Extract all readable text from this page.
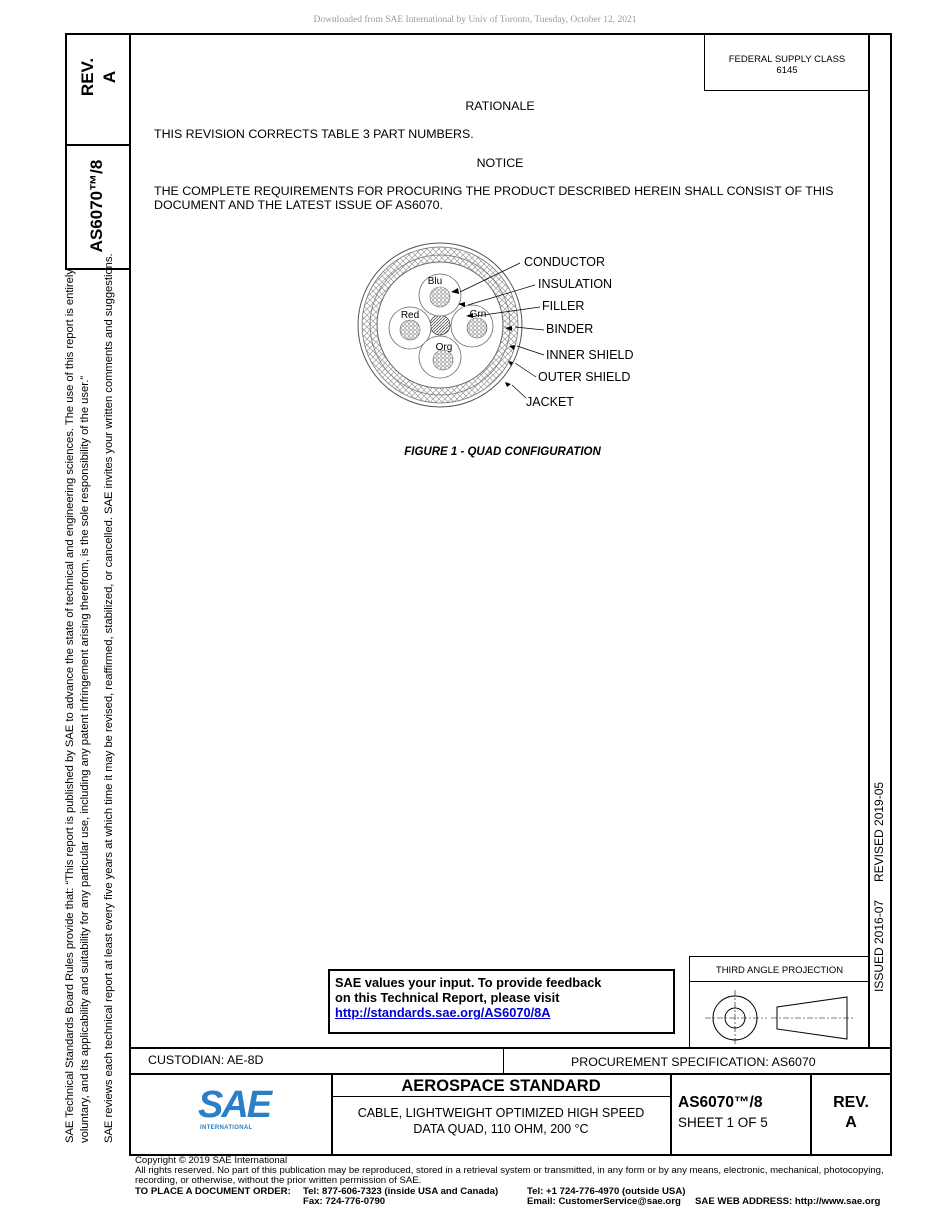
Downloaded from SAE International by Univ of Toronto, Tuesday, October 12, 2021
REV. A
AS6070™/8
SAE Technical Standards Board Rules provide that: “This report is published by SAE to advance the state of technical and engineering sciences. The use of this report is entirely voluntary, and its applicability and suitability for any particular use, including any patent infringement arising therefrom, is the sole responsibility of the user.” SAE reviews each technical report at least every five years at which time it may be revised, reaffirmed, stabilized, or cancelled. SAE invites your written comments and suggestions.
FEDERAL SUPPLY CLASS
6145
RATIONALE
THIS REVISION CORRECTS TABLE 3 PART NUMBERS.
NOTICE
THE COMPLETE REQUIREMENTS FOR PROCURING THE PRODUCT DESCRIBED HEREIN SHALL CONSIST OF THIS DOCUMENT AND THE LATEST ISSUE OF AS6070.
Blu
Red	Grn
Org
CONDUCTOR
INSULATION
FILLER
BINDER
INNER SHIELD
OUTER SHIELD
JACKET
FIGURE 1 - QUAD CONFIGURATION
ISSUED 2016-07
REVISED 2019-05
SAE values your input. To provide feedback
on this Technical Report, please visit
http://standards.sae.org/AS6070/8A
THIRD ANGLE PROJECTION
CUSTODIAN: AE-8D	PROCUREMENT SPECIFICATION: AS6070
SAE
INTERNATIONAL
AEROSPACE STANDARD
CABLE, LIGHTWEIGHT OPTIMIZED HIGH SPEED
DATA QUAD, 110 OHM, 200 °C
AS6070™/8
SHEET 1 OF 5
REV.
A
Copyright © 2019 SAE International
All rights reserved. No part of this publication may be reproduced, stored in a retrieval system or transmitted, in any form or by any means, electronic, mechanical, photocopying,
recording, or otherwise, without the prior written permission of SAE.
TO PLACE A DOCUMENT ORDER: Tel: 877-606-7323 (inside USA and Canada)
Fax: 724-776-0790
Tel: +1 724-776-4970 (outside USA)
Email: CustomerService@sae.org SAE WEB ADDRESS: http://www.sae.org
